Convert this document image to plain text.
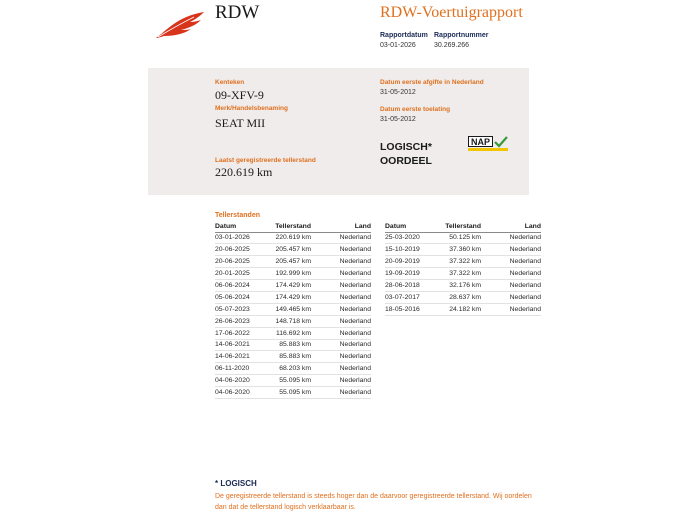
RDW	RDW-Voertuigrapport
Rapportdatum
03-01-2026
Rapportnummer
30.269.266
Kenteken
09-XFV-9
Merk/Handelsbenaming
SEAT MII
Laatst geregistreerde tellerstand
220.619 km
Datum eerste afgifte in Nederland
31-05-2012
Datum eerste toelating
31-05-2012
LOGISCH*
OORDEEL
NAP
Tellerstanden
Datum	Tellerstand	Land
03-01-2026	220.619 km	Nederland
20-06-2025	205.457 km	Nederland
20-06-2025	205.457 km	Nederland
20-01-2025	192.999 km	Nederland
06-06-2024	174.429 km	Nederland
05-06-2024	174.429 km	Nederland
05-07-2023	149.465 km	Nederland
26-06-2023	148.718 km	Nederland
17-06-2022	116.692 km	Nederland
14-06-2021	85.883 km	Nederland
14-06-2021	85.883 km	Nederland
06-11-2020	68.203 km	Nederland
04-06-2020	55.095 km	Nederland
04-06-2020	55.095 km	Nederland
Datum	Tellerstand	Land
25-03-2020	50.125 km	Nederland
15-10-2019	37.360 km	Nederland
20-09-2019	37.322 km	Nederland
19-09-2019	37.322 km	Nederland
28-06-2018	32.176 km	Nederland
03-07-2017	28.637 km	Nederland
18-05-2016	24.182 km	Nederland
* LOGISCH
De geregistreerde tellerstand is steeds hoger dan de daarvoor geregistreerde tellerstand. Wij oordelen dan dat de tellerstand logisch verklaarbaar is.
